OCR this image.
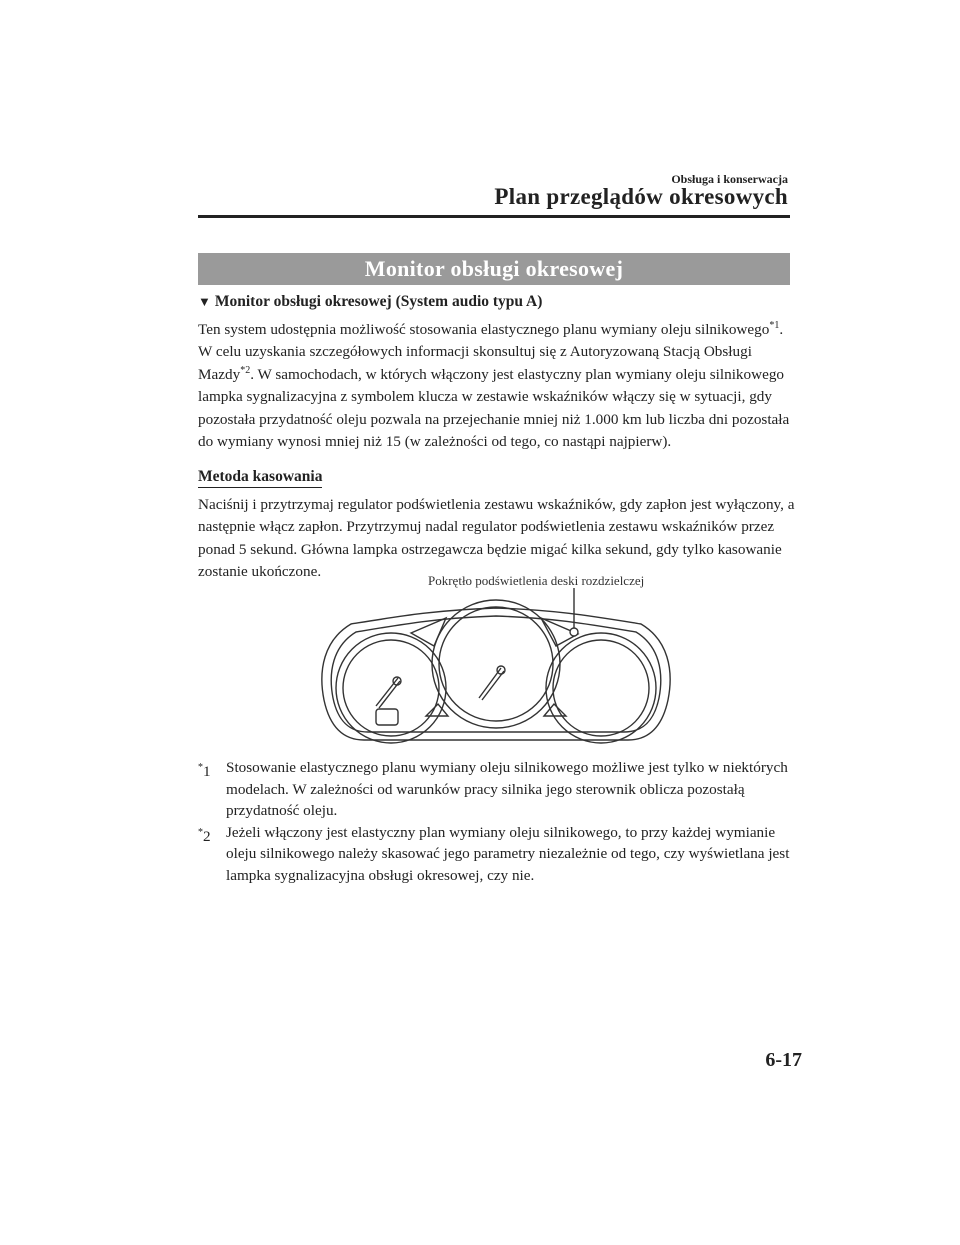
Obsługa i konserwacja
Plan przeglądów okresowych
Monitor obsługi okresowej
▼ Monitor obsługi okresowej (System audio typu A)
Ten system udostępnia możliwość stosowania elastycznego planu wymiany oleju silnikowego$^{*1}$. W celu uzyskania szczegółowych informacji skonsultuj się z Autoryzowaną Stacją Obsługi Mazdy$^{*2}$. W samochodach, w których włączony jest elastyczny plan wymiany oleju silnikowego lampka sygnalizacyjna z symbolem klucza w zestawie wskaźników włączy się w sytuacji, gdy pozostała przydatność oleju pozwala na przejechanie mniej niż 1.000 km lub liczba dni pozostała do wymiany wynosi mniej niż 15 (w zależności od tego, co nastąpi najpierw).
Metoda kasowania
Naciśnij i przytrzymaj regulator podświetlenia zestawu wskaźników, gdy zapłon jest wyłączony, a następnie włącz zapłon. Przytrzymuj nadal regulator podświetlenia zestawu wskaźników przez ponad 5 sekund. Główna lampka ostrzegawcza będzie migać kilka sekund, gdy tylko kasowanie zostanie ukończone.
Pokrętło podświetlenia deski rozdzielczej
*1	Stosowanie elastycznego planu wymiany oleju silnikowego możliwe jest tylko w niektórych modelach. W zależności od warunków pracy silnika jego sterownik oblicza pozostałą przydatność oleju.
*2	Jeżeli włączony jest elastyczny plan wymiany oleju silnikowego, to przy każdej wymianie oleju silnikowego należy skasować jego parametry niezależnie od tego, czy wyświetlana jest lampka sygnalizacyjna obsługi okresowej, czy nie.
6-17
